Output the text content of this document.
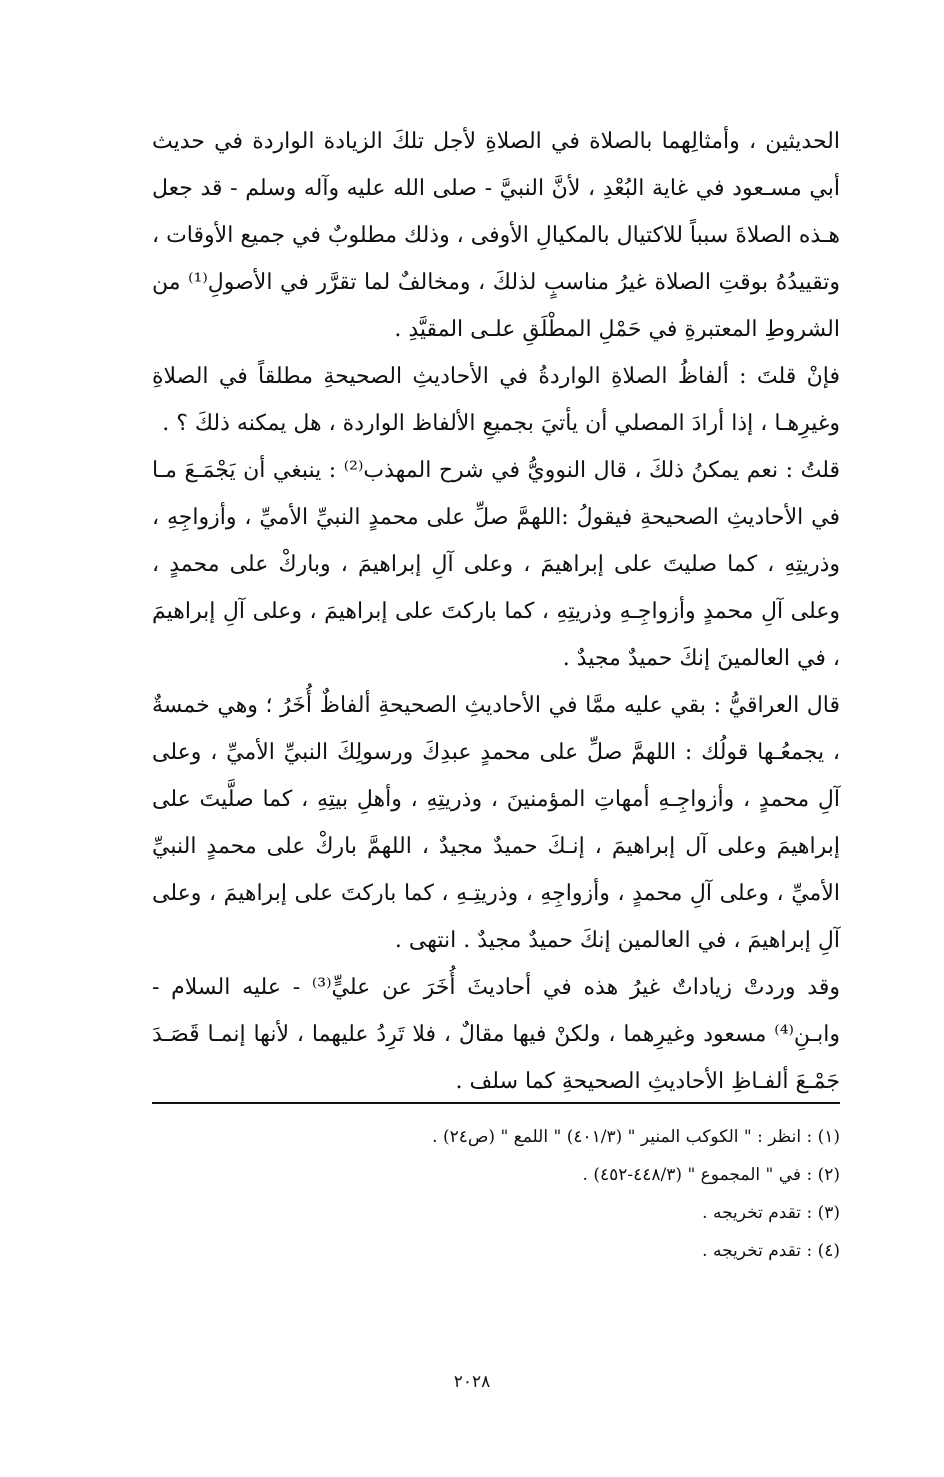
الحديثين ، وأمثالِهما بالصلاة في الصلاةِ لأجل تلكَ الزيادة الواردة في حديث أبي مسـعود في غاية البُعْدِ ، لأنَّ النبيَّ - صلى الله عليه وآله وسلم - قد جعل هـذه الصلاةَ سبباً للاكتيال بالمكيالِ الأوفى ، وذلك مطلوبٌ في جميع الأوقات ، وتقييدُهُ بوقتِ الصلاة غيرُ مناسبٍ لذلكَ ، ومخالفٌ لما تقرَّر في الأصولِ⁽¹⁾ من الشروطِ المعتبرةِ في حَمْلِ المطْلَقِ علـى المقيَّدِ .

فإنْ قلتَ : ألفاظُ الصلاةِ الواردةُ في الأحاديثِ الصحيحةِ مطلقاً في الصلاةِ وغيرِهـا ، إذا أرادَ المصلي أن يأتيَ بجميعِ الألفاظ الواردة ، هل يمكنه ذلكَ ؟ .

قلتُ : نعم يمكنُ ذلكَ ، قال النوويُّ في شرح المهذب⁽²⁾ : ينبغي أن يَجْمَـعَ مـا في الأحاديثِ الصحيحةِ فيقولُ :اللهمَّ صلِّ على محمدٍ النبيِّ الأميِّ ، وأزواجِهِ ، وذريتِهِ ، كما صليتَ على إبراهيمَ ، وعلى آلِ إبراهيمَ ، وباركْ على محمدٍ ، وعلى آلِ محمدٍ وأزواجِـهِ وذريتِهِ ، كما باركتَ على إبراهيمَ ، وعلى آلِ إبراهيمَ ، في العالمينَ إنكَ حميدٌ مجيدٌ .

قال العراقيُّ : بقي عليه ممَّا في الأحاديثِ الصحيحةِ ألفاظٌ أُخَرُ ؛ وهي خمسةٌ ، يجمعُـها قولُك : اللهمَّ صلِّ على محمدٍ عبدِكَ ورسولِكَ النبيِّ الأميِّ ، وعلى آلِ محمدٍ ، وأزواجِـهِ أمهاتِ المؤمنينَ ، وذريتِهِ ، وأهلِ بيتِهِ ، كما صلَّيتَ على إبراهيمَ وعلى آل إبراهيمَ ، إنـكَ حميدٌ مجيدٌ ، اللهمَّ باركْ على محمدٍ النبيِّ الأميِّ ، وعلى آلِ محمدٍ ، وأزواجِهِ ، وذريتِـهِ ، كما باركتَ على إبراهيمَ ، وعلى آلِ إبراهيمَ ، في العالمين إنكَ حميدٌ مجيدٌ . انتهى .

وقد وردتْ زياداتٌ غيرُ هذه في أحاديثَ أُخَرَ عن عليٍّ⁽³⁾ - عليه السلام - وابـنِ⁽⁴⁾ مسعود وغيرِهما ، ولكنْ فيها مقالٌ ، فلا تَرِدُ عليهما ، لأنها إنمـا قَصَـدَ جَمْـعَ ألفـاظِ الأحاديثِ الصحيحةِ كما سلف .

(١) : انظر : " الكوكب المنير " (٤٠١/٣) " اللمع " (ص٢٤) .

(٢) : في " المجموع " (٤٤٨/٣-٤٥٢) .

(٣) : تقدم تخريجه .

(٤) : تقدم تخريجه .

٢٠٢٨
